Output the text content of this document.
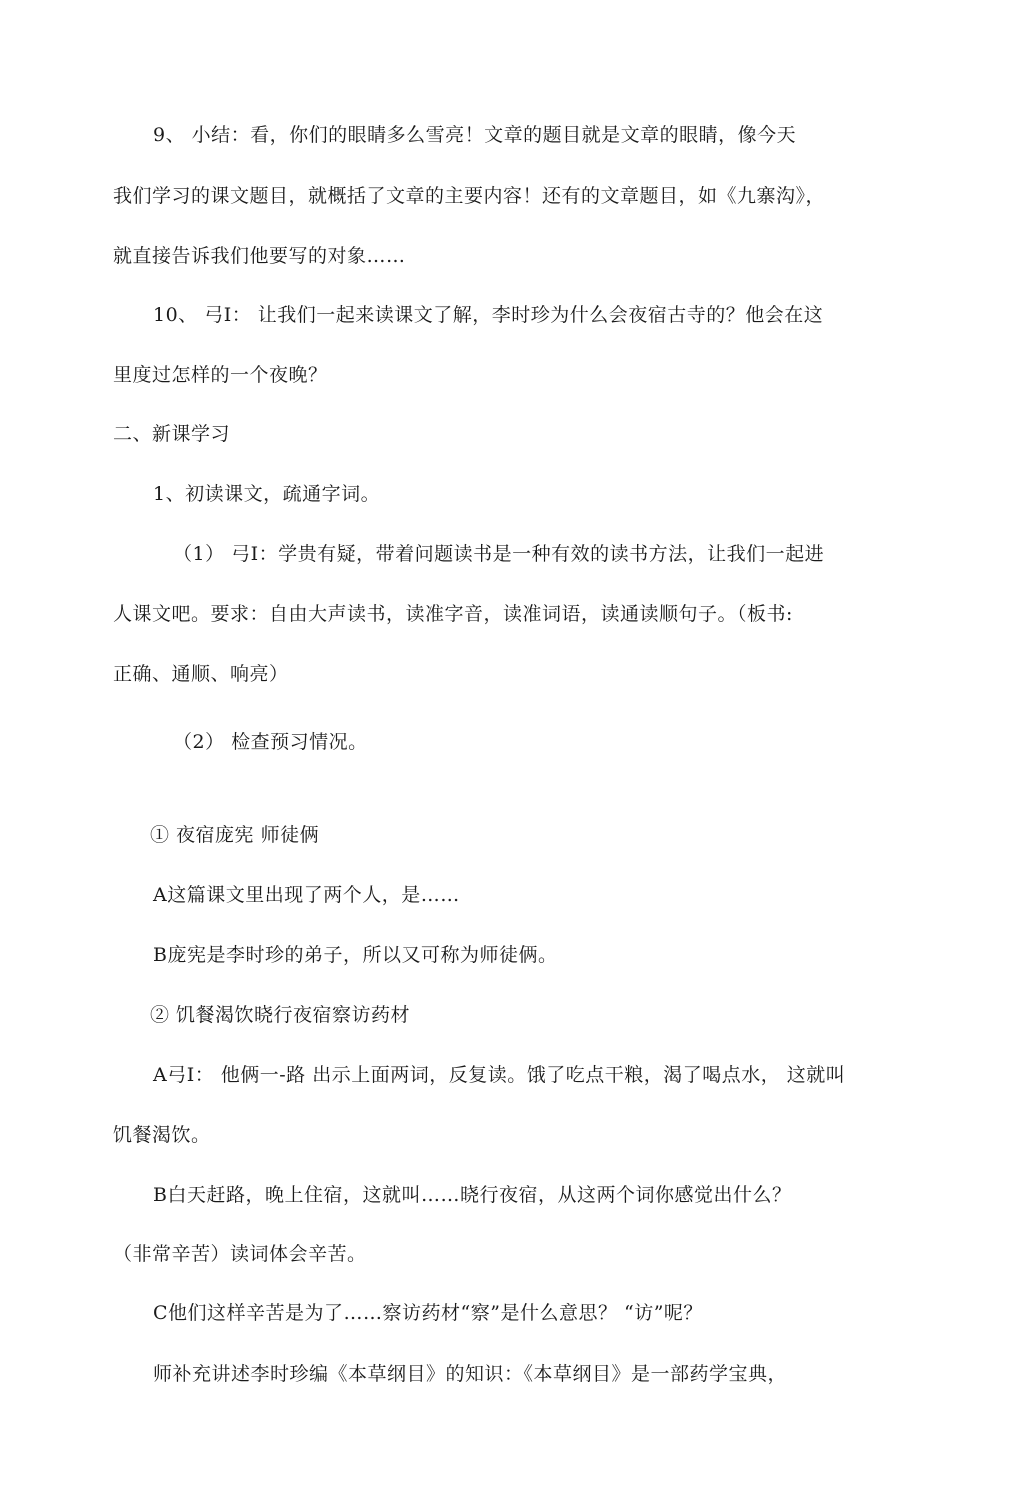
9、 小结：看，你们的眼睛多么雪亮！文章的题目就是文章的眼睛，像今天
我们学习的课文题目，就概括了文章的主要内容！还有的文章题目，如《九寨沟》，
就直接告诉我们他要写的对象……
10、 弓I： 让我们一起来读课文了解，李时珍为什么会夜宿古寺的？他会在这
里度过怎样的一个夜晚？
二、新课学习
1、初读课文，疏通字词。
（1） 弓I：学贵有疑，带着问题读书是一种有效的读书方法，让我们一起进
人课文吧。要求：自由大声读书，读准字音，读准词语，读通读顺句子。（板书:
正确、通顺、响亮）
（2） 检查预习情况。
① 夜宿庞宪 师徒俩
A这篇课文里出现了两个人，是……
B庞宪是李时珍的弟子，所以又可称为师徒俩。
② 饥餐渴饮晓行夜宿察访药材
A弓I： 他俩一-路 出示上面两词，反复读。饿了吃点干粮，渴了喝点水， 这就叫
饥餐渴饮。
B白天赶路，晚上住宿，这就叫……晓行夜宿，从这两个词你感觉出什么？
（非常辛苦）读词体会辛苦。
C他们这样辛苦是为了……察访药材“察”是什么意思？ “访”呢？
师补充讲述李时珍编《本草纲目》的知识：《本草纲目》是一部药学宝典，
